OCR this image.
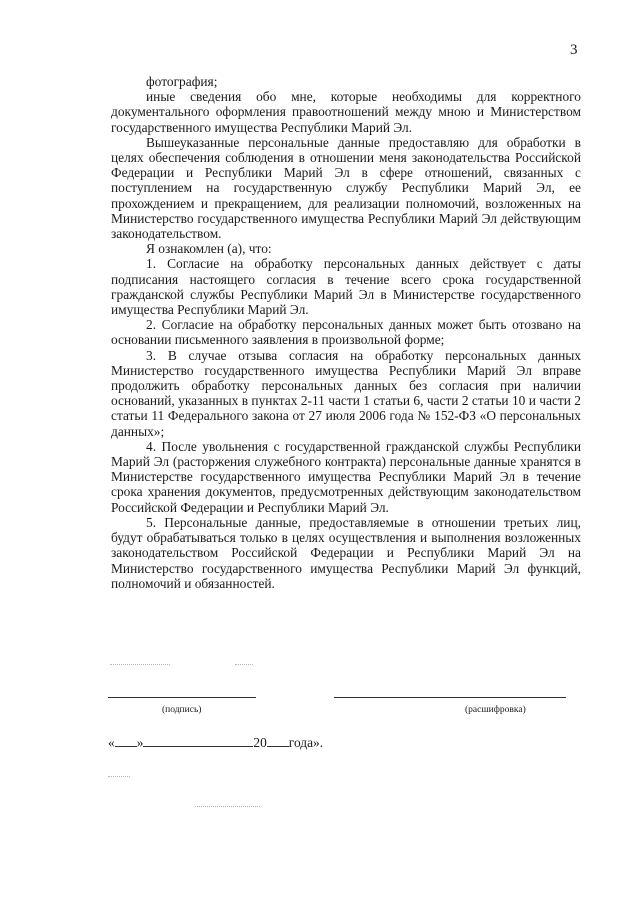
3

фотография;

иные сведения обо мне, которые необходимы для корректного документального оформления правоотношений между мною и Министерством государственного имущества Республики Марий Эл.

Вышеуказанные персональные данные предоставляю для обработки в целях обеспечения соблюдения в отношении меня законодательства Российской Федерации и Республики Марий Эл в сфере отношений, связанных с поступлением на государственную службу Республики Марий Эл, ее прохождением и прекращением, для реализации полномочий, возложенных на Министерство государственного имущества Республики Марий Эл действующим законодательством.

Я ознакомлен (а), что:

1. Согласие на обработку персональных данных действует с даты подписания настоящего согласия в течение всего срока государственной гражданской службы Республики Марий Эл в Министерстве государственного имущества Республики Марий Эл.

2. Согласие на обработку персональных данных может быть отозвано на основании письменного заявления в произвольной форме;

3. В случае отзыва согласия на обработку персональных данных Министерство государственного имущества Республики Марий Эл вправе продолжить обработку персональных данных без согласия при наличии оснований, указанных в пунктах 2-11 части 1 статьи 6, части 2 статьи 10 и части 2 статьи 11 Федерального закона от 27 июля 2006 года № 152-ФЗ «О персональных данных»;

4. После увольнения с государственной гражданской службы Республики Марий Эл (расторжения служебного контракта) персональные данные хранятся в Министерстве государственного имущества Республики Марий Эл в течение срока хранения документов, предусмотренных действующим законодательством Российской Федерации и Республики Марий Эл.

5. Персональные данные, предоставляемые в отношении третьих лиц, будут обрабатываться только в целях осуществления и выполнения возложенных законодательством Российской Федерации и Республики Марий Эл на Министерство государственного имущества Республики Марий Эл функций, полномочий и обязанностей.

(подпись)	(расшифровка)
« »	20 года».
